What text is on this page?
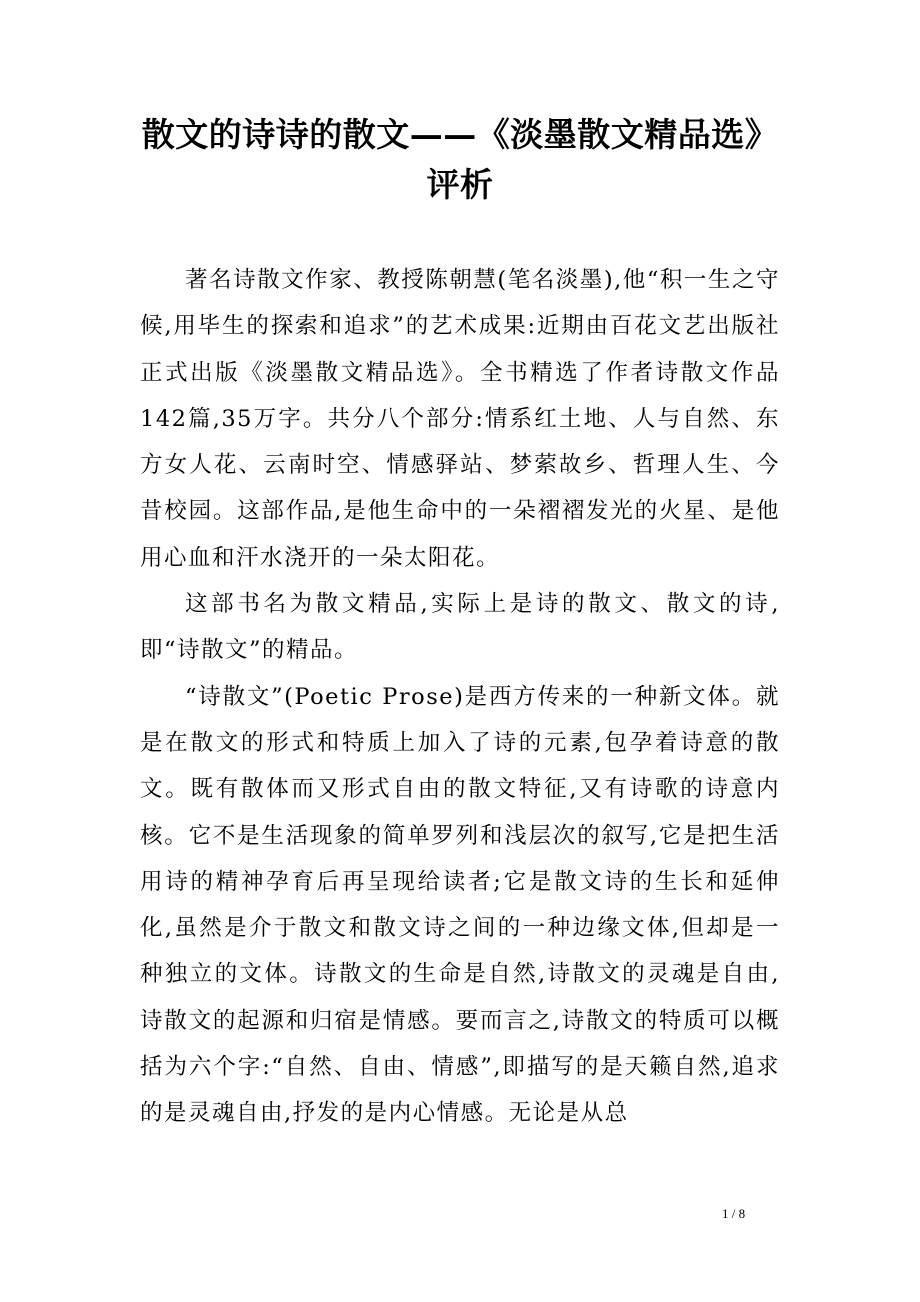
散文的诗诗的散文——《淡墨散文精品选》
评析

著名诗散文作家、教授陈朝慧(笔名淡墨),他“积一生之守候,用毕生的探索和追求”的艺术成果:近期由百花文艺出版社正式出版《淡墨散文精品选》。全书精选了作者诗散文作品142篇,35万字。共分八个部分:情系红土地、人与自然、东方女人花、云南时空、情感驿站、梦萦故乡、哲理人生、今昔校园。这部作品,是他生命中的一朵褶褶发光的火星、是他用心血和汗水浇开的一朵太阳花。

这部书名为散文精品,实际上是诗的散文、散文的诗,即“诗散文”的精品。

“诗散文”(Poetic Prose)是西方传来的一种新文体。就是在散文的形式和特质上加入了诗的元素,包孕着诗意的散文。既有散体而又形式自由的散文特征,又有诗歌的诗意内核。它不是生活现象的简单罗列和浅层次的叙写,它是把生活用诗的精神孕育后再呈现给读者;它是散文诗的生长和延伸化,虽然是介于散文和散文诗之间的一种边缘文体,但却是一种独立的文体。诗散文的生命是自然,诗散文的灵魂是自由,诗散文的起源和归宿是情感。要而言之,诗散文的特质可以概括为六个字:“自然、自由、情感”,即描写的是天籁自然,追求的是灵魂自由,抒发的是内心情感。无论是从总

1 / 8
